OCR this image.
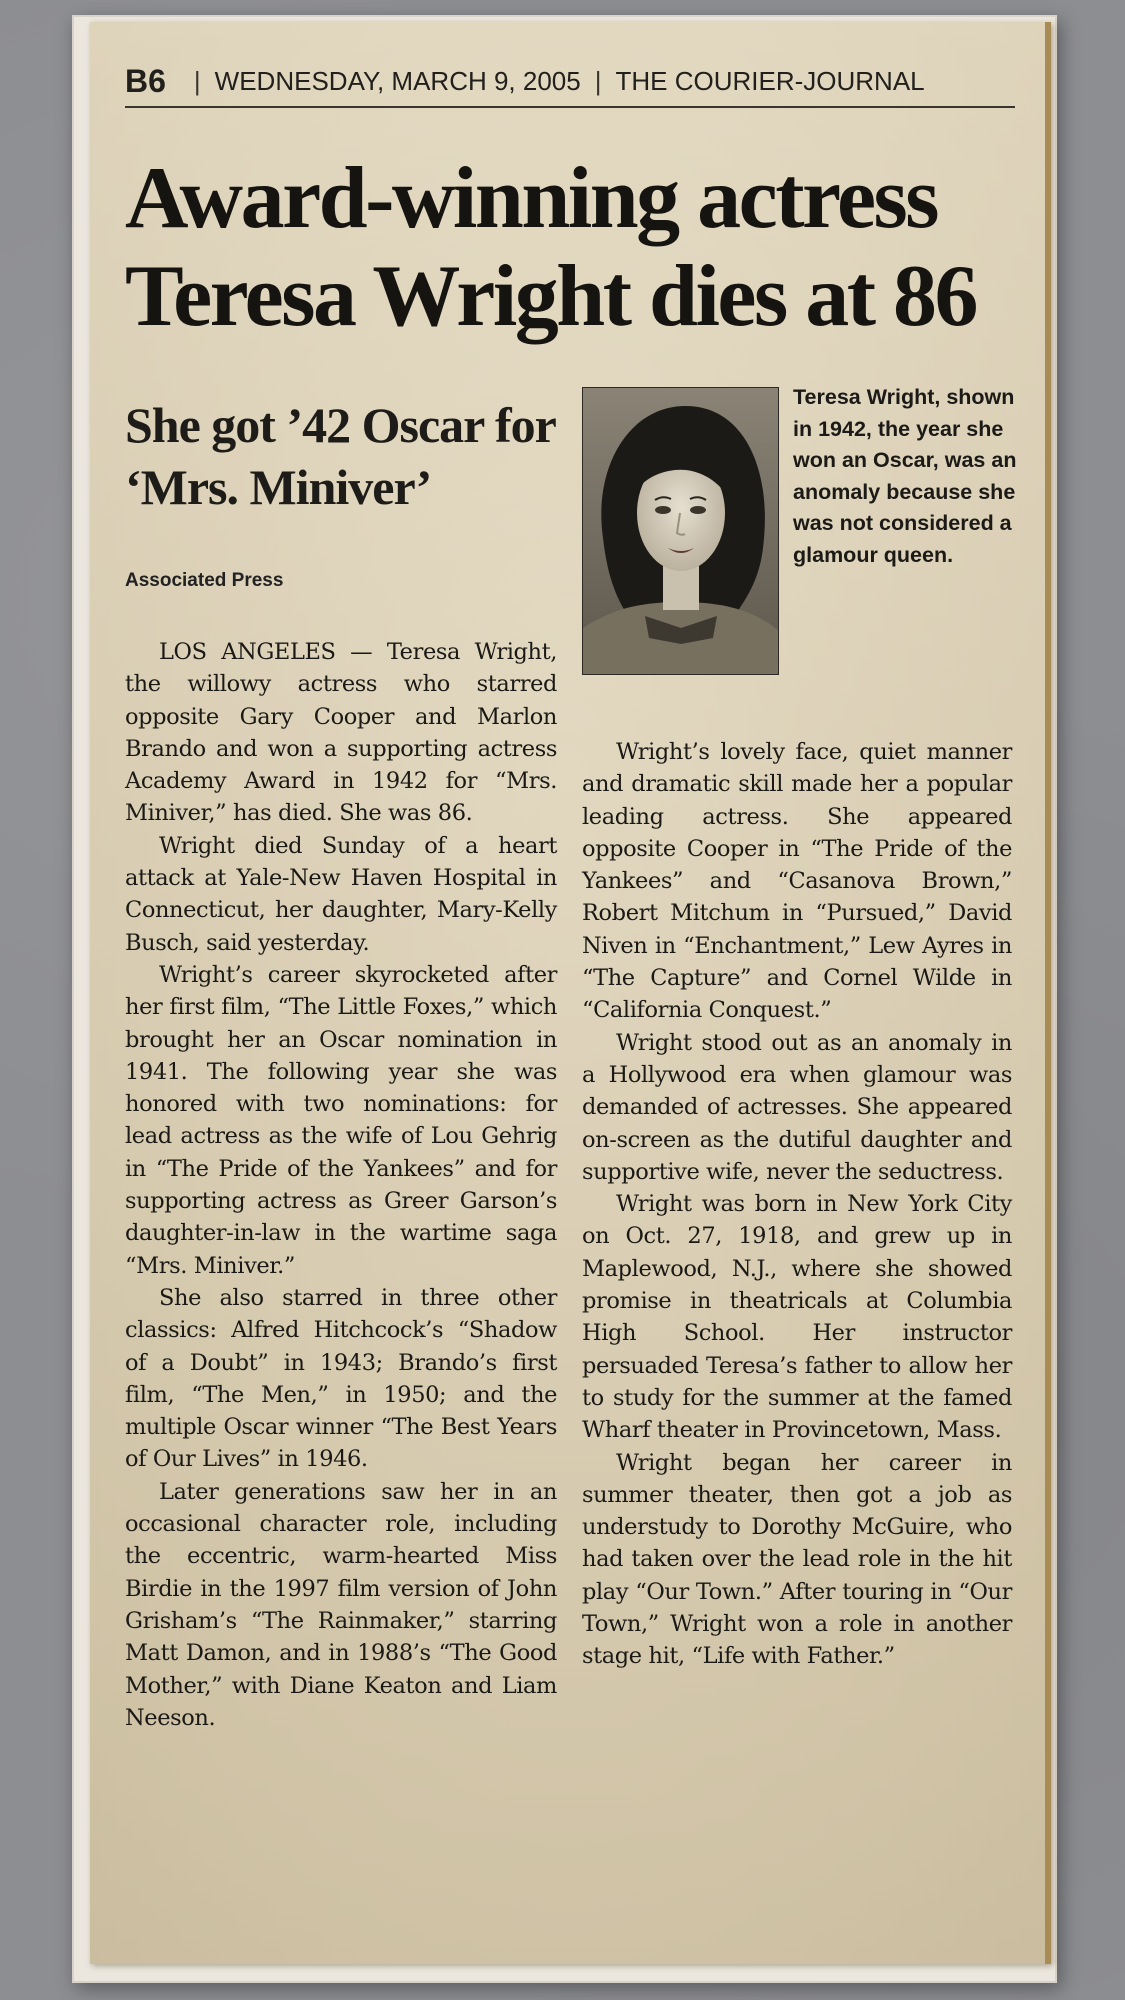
B6 | WEDNESDAY, MARCH 9, 2005 | THE COURIER-JOURNAL
Award-winning actress Teresa Wright dies at 86
She got ’42 Oscar for ‘Mrs. Miniver’
Associated Press

Teresa Wright, shown in 1942, the year she won an Oscar, was an anomaly because she was not considered a glamour queen.

LOS ANGELES — Teresa Wright, the willowy actress who starred opposite Gary Cooper and Marlon Brando and won a supporting actress Academy Award in 1942 for “Mrs. Miniver,” has died. She was 86.

Wright died Sunday of a heart attack at Yale-New Haven Hospital in Connecticut, her daughter, Mary-Kelly Busch, said yesterday.

Wright’s career skyrocketed after her first film, “The Little Foxes,” which brought her an Oscar nomination in 1941. The following year she was honored with two nominations: for lead actress as the wife of Lou Gehrig in “The Pride of the Yankees” and for supporting actress as Greer Garson’s daughter-in-law in the wartime saga “Mrs. Miniver.”

She also starred in three other classics: Alfred Hitchcock’s “Shadow of a Doubt” in 1943; Brando’s first film, “The Men,” in 1950; and the multiple Oscar winner “The Best Years of Our Lives” in 1946.

Later generations saw her in an occasional character role, including the eccentric, warm-hearted Miss Birdie in the 1997 film version of John Grisham’s “The Rainmaker,” starring Matt Damon, and in 1988’s “The Good Mother,” with Diane Keaton and Liam Neeson.

Wright’s lovely face, quiet manner and dramatic skill made her a popular leading actress. She appeared opposite Cooper in “The Pride of the Yankees” and “Casanova Brown,” Robert Mitchum in “Pursued,” David Niven in “Enchantment,” Lew Ayres in “The Capture” and Cornel Wilde in “California Conquest.”

Wright stood out as an anomaly in a Hollywood era when glamour was demanded of actresses. She appeared on-screen as the dutiful daughter and supportive wife, never the seductress.

Wright was born in New York City on Oct. 27, 1918, and grew up in Maplewood, N.J., where she showed promise in theatricals at Columbia High School. Her instructor persuaded Teresa’s father to allow her to study for the summer at the famed Wharf theater in Provincetown, Mass.

Wright began her career in summer theater, then got a job as understudy to Dorothy McGuire, who had taken over the lead role in the hit play “Our Town.” After touring in “Our Town,” Wright won a role in another stage hit, “Life with Father.”
